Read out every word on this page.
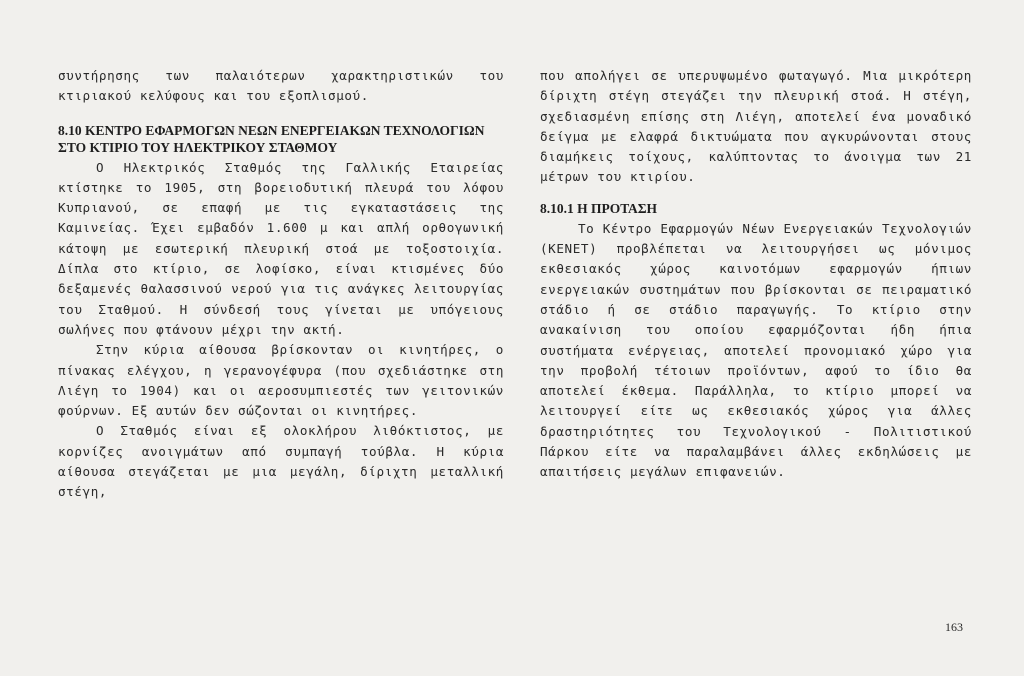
συντήρησης των παλαιότερων χαρακτηριστικών του κτιριακού κελύφους και του εξοπλισμού.

8.10 ΚΕΝΤΡΟ ΕΦΑΡΜΟΓΩΝ ΝΕΩΝ ΕΝΕΡΓΕΙΑΚΩΝ ΤΕΧΝΟΛΟΓΙΩΝ ΣΤΟ ΚΤΙΡΙΟ ΤΟΥ ΗΛΕΚΤΡΙΚΟΥ ΣΤΑΘΜΟΥ

Ο Ηλεκτρικός Σταθμός της Γαλλικής Εταιρείας κτίστηκε το 1905, στη βορειοδυτική πλευρά του λόφου Κυπριανού, σε επαφή με τις εγκαταστάσεις της Καμινείας. Έχει εμβαδόν 1.600 μ και απλή ορθογωνική κάτοψη με εσωτερική πλευρική στοά με τοξοστοιχία. Δίπλα στο κτίριο, σε λοφίσκο, είναι κτισμένες δύο δεξαμενές θαλασσινού νερού για τις ανάγκες λειτουργίας του Σταθμού. Η σύνδεσή τους γίνεται με υπόγειους σωλήνες που φτάνουν μέχρι την ακτή.

Στην κύρια αίθουσα βρίσκονταν οι κινητήρες, ο πίνακας ελέγχου, η γερανογέφυρα (που σχεδιάστηκε στη Λιέγη το 1904) και οι αεροσυμπιεστές των γειτονικών φούρνων. Εξ αυτών δεν σώζονται οι κινητήρες.

Ο Σταθμός είναι εξ ολοκλήρου λιθόκτιστος, με κορνίζες ανοιγμάτων από συμπαγή τούβλα. Η κύρια αίθουσα στεγάζεται με μια μεγάλη, δίριχτη μεταλλική στέγη,

που απολήγει σε υπερυψωμένο φωταγωγό. Μια μικρότερη δίριχτη στέγη στεγάζει την πλευρική στοά. Η στέγη, σχεδιασμένη επίσης στη Λιέγη, αποτελεί ένα μοναδικό δείγμα με ελαφρά δικτυώματα που αγκυρώνονται στους διαμήκεις τοίχους, καλύπτοντας το άνοιγμα των 21 μέτρων του κτιρίου.

8.10.1 Η ΠΡΟΤΑΣΗ

Το Κέντρο Εφαρμογών Νέων Ενεργειακών Τεχνολογιών (ΚΕΝΕΤ) προβλέπεται να λειτουργήσει ως μόνιμος εκθεσιακός χώρος καινοτόμων εφαρμογών ήπιων ενεργειακών συστημάτων που βρίσκονται σε πειραματικό στάδιο ή σε στάδιο παραγωγής. Το κτίριο στην ανακαίνιση του οποίου εφαρμόζονται ήδη ήπια συστήματα ενέργειας, αποτελεί προνομιακό χώρο για την προβολή τέτοιων προϊόντων, αφού το ίδιο θα αποτελεί έκθεμα. Παράλληλα, το κτίριο μπορεί να λειτουργεί είτε ως εκθεσιακός χώρος για άλλες δραστηριότητες του Τεχνολογικού - Πολιτιστικού Πάρκου είτε να παραλαμβάνει άλλες εκδηλώσεις με απαιτήσεις μεγάλων επιφανειών.

163
